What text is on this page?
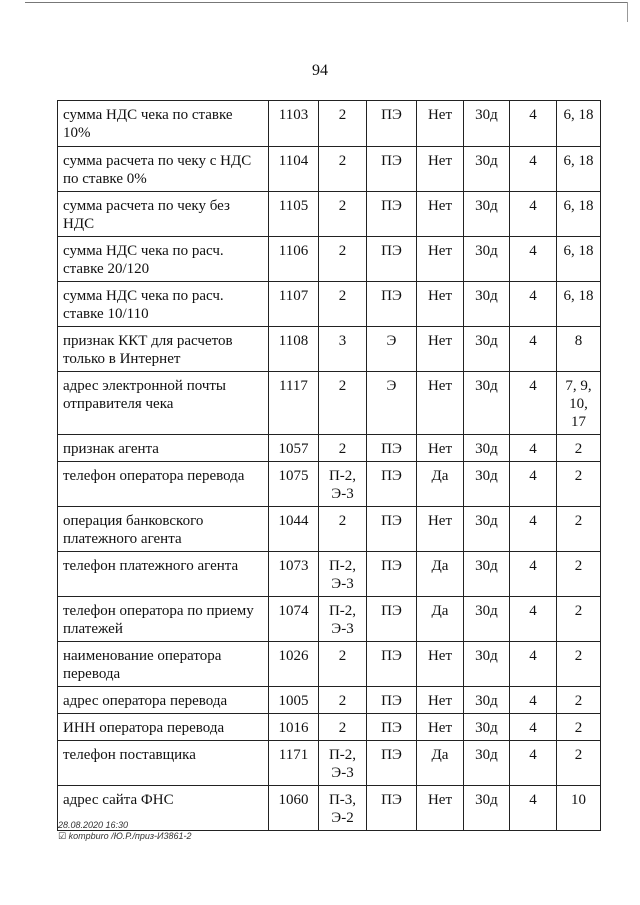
94
сумма НДС чека по ставке
10%	1103	2	ПЭ	Нет	30д	4	6, 18

сумма расчета по чеку с НДС
по ставке 0%	1104	2	ПЭ	Нет	30д	4	6, 18

сумма расчета по чеку без
НДС	1105	2	ПЭ	Нет	30д	4	6, 18

сумма НДС чека по расч.
ставке 20/120	1106	2	ПЭ	Нет	30д	4	6, 18

сумма НДС чека по расч.
ставке 10/110	1107	2	ПЭ	Нет	30д	4	6, 18

признак ККТ для расчетов
только в Интернет	1108	3	Э	Нет	30д	4	8

адрес электронной почты
отправителя чека	1117	2	Э	Нет	30д	4	7, 9,
10, 17

признак агента	1057	2	ПЭ	Нет	30д	4	2

телефон оператора перевода	1075	П-2,
Э-3	ПЭ	Да	30д	4	2

операция банковского
платежного агента	1044	2	ПЭ	Нет	30д	4	2

телефон платежного агента	1073	П-2,
Э-3	ПЭ	Да	30д	4	2

телефон оператора по приему
платежей	1074	П-2,
Э-3	ПЭ	Да	30д	4	2

наименование оператора
перевода	1026	2	ПЭ	Нет	30д	4	2

адрес оператора перевода	1005	2	ПЭ	Нет	30д	4	2

ИНН оператора перевода	1016	2	ПЭ	Нет	30д	4	2

телефон поставщика	1171	П-2,
Э-3	ПЭ	Да	30д	4	2

адрес сайта ФНС	1060	П-3,
Э-2	ПЭ	Нет	30д	4	10
28.08.2020 16:30
☑ kompburo /Ю.Р./приз-И3861-2
